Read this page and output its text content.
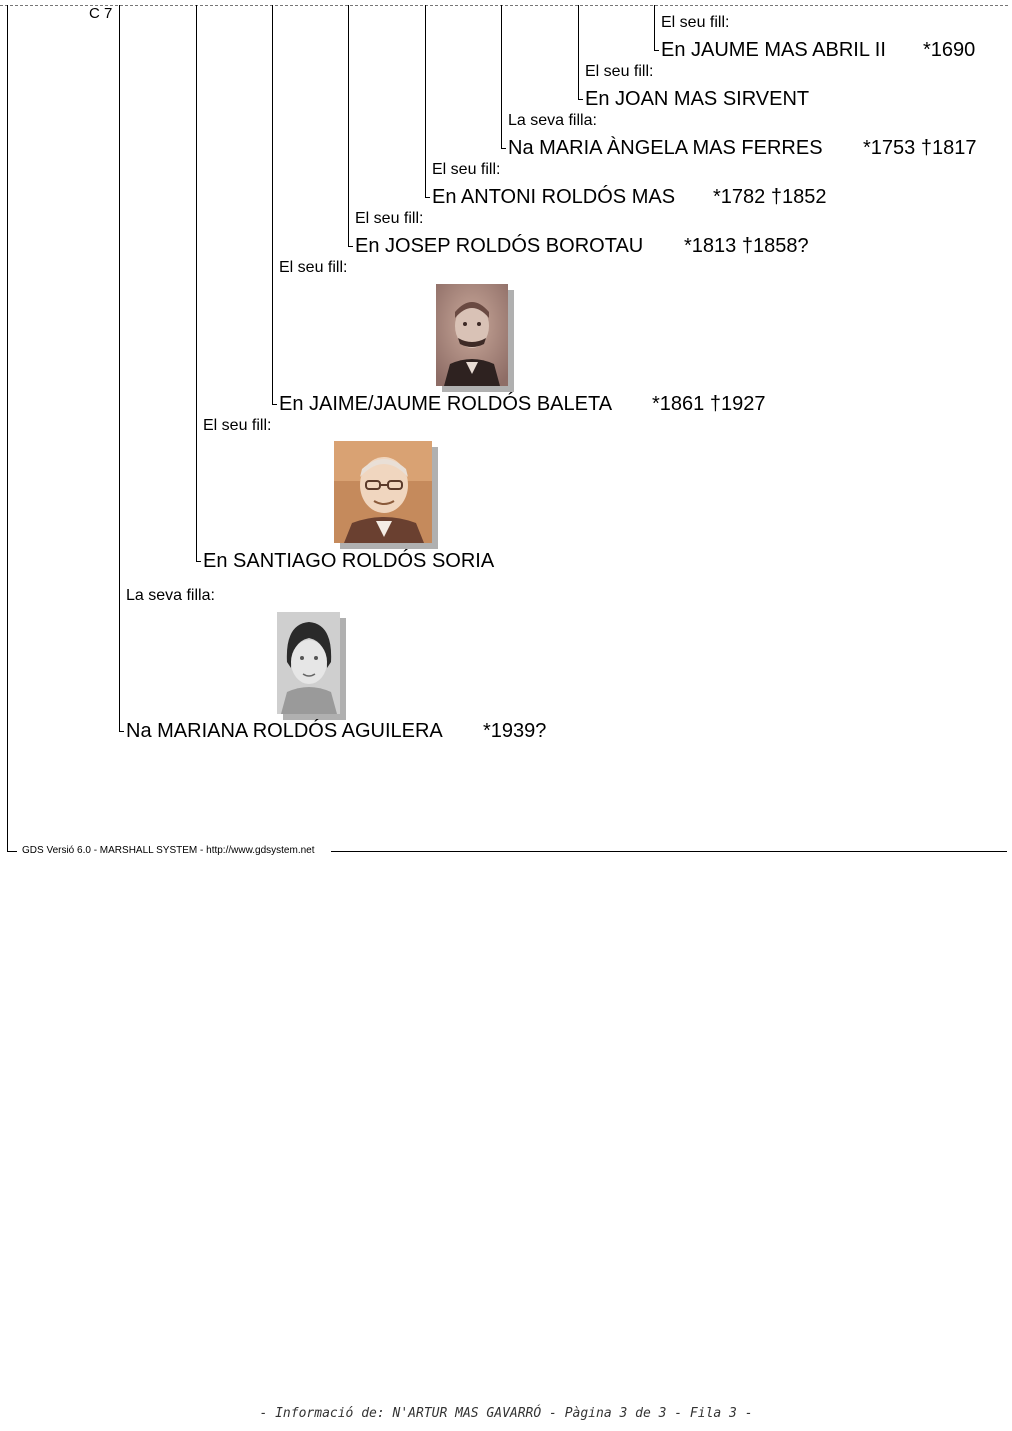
GDS Versió 6.0 - MARSHALL SYSTEM - http://www.gdsystem.net
C 7
El seu fill:
En JAUME MAS ABRIL II *1690
El seu fill:
En JOAN MAS SIRVENT
La seva filla:
Na MARIA ÀNGELA MAS FERRES *1753 †1817
El seu fill:
En ANTONI ROLDÓS MAS *1782 †1852
El seu fill:
En JOSEP ROLDÓS BOROTAU *1813 †1858?
El seu fill:
En JAIME/JAUME ROLDÓS BALETA *1861 †1927
El seu fill:
En SANTIAGO ROLDÓS SORIA
La seva filla:
Na MARIANA ROLDÓS AGUILERA *1939?
- Informació de: N'ARTUR MAS GAVARRÓ - Pàgina 3 de 3 - Fila 3 -
